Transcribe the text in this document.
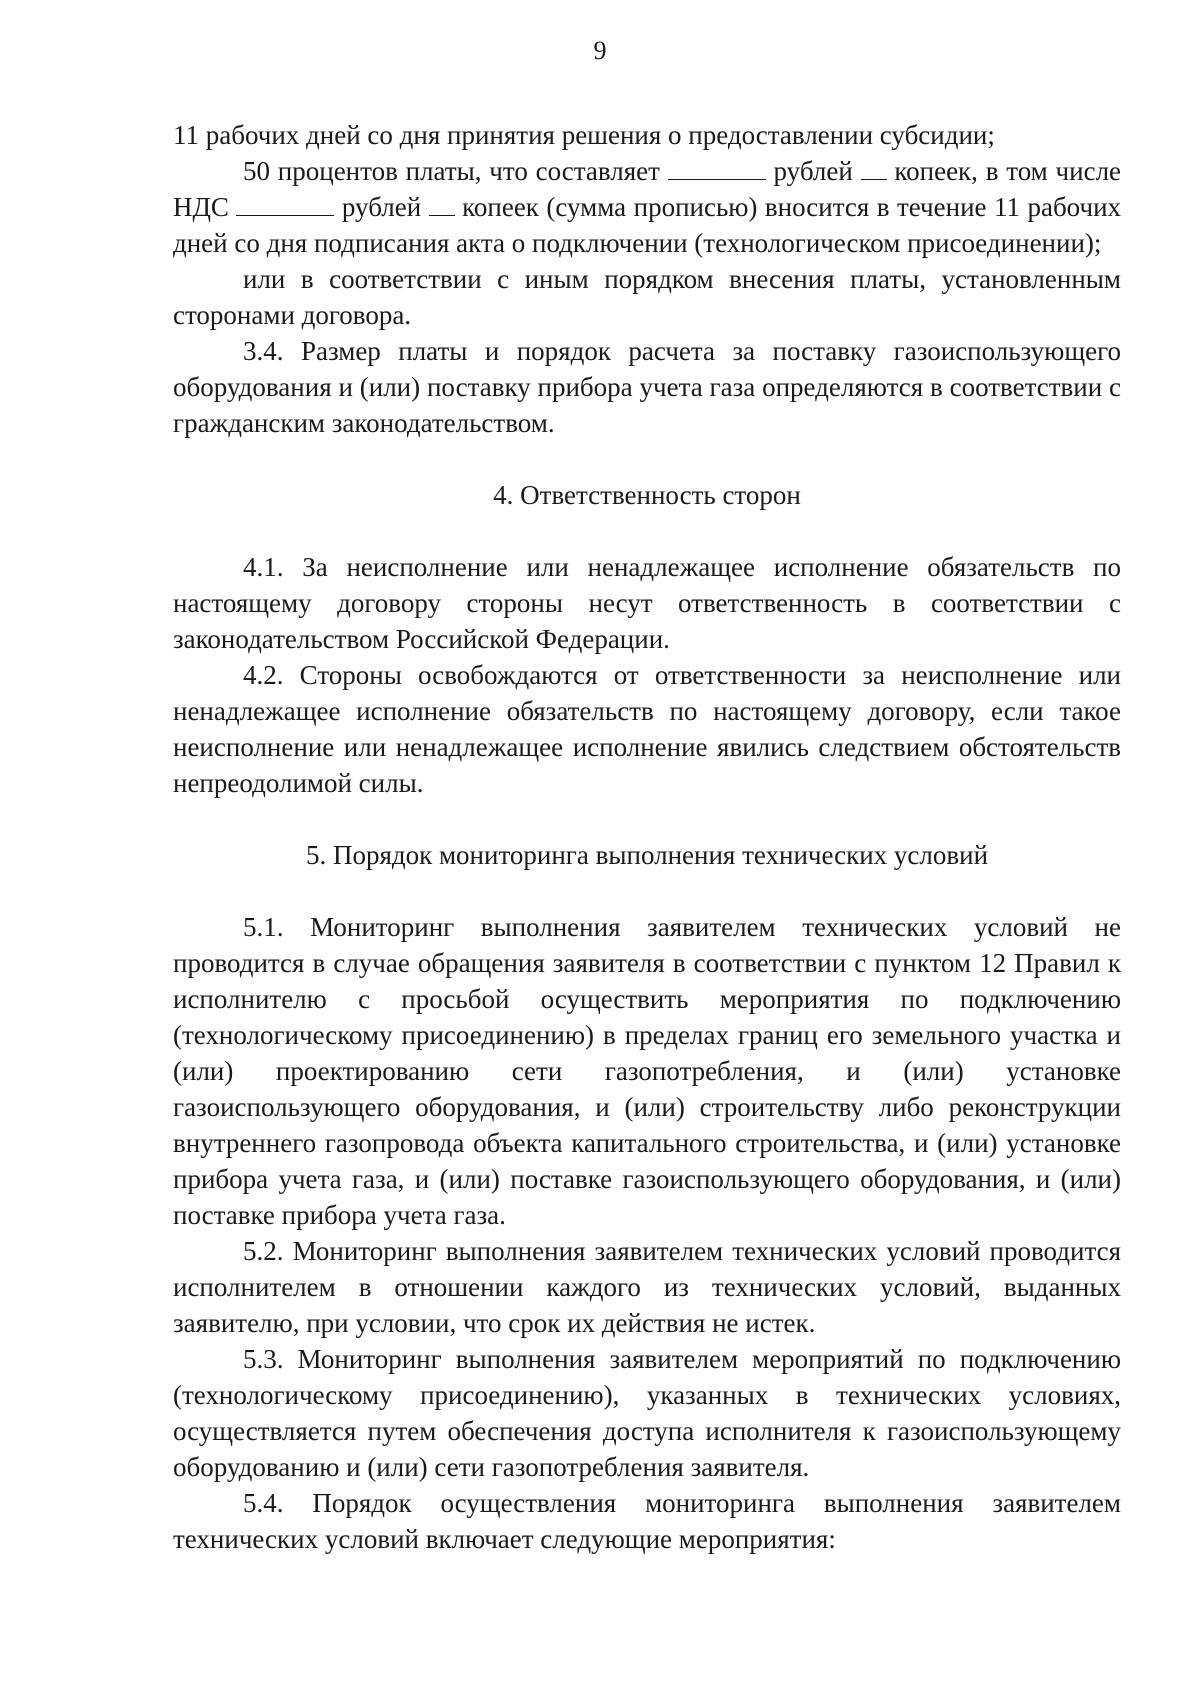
9

11 рабочих дней со дня принятия решения о предоставлении субсидии;

50 процентов платы, что составляет	рублей копеек, в том числе НДС	рублей копеек (сумма прописью) вносится в течение 11 рабочих дней со дня подписания акта о подключении (технологическом присоединении);

или в соответствии с иным порядком внесения платы, установленным сторонами договора.

3.4. Размер платы и порядок расчета за поставку газоиспользующего оборудования и (или) поставку прибора учета газа определяются в соответствии с гражданским законодательством.

4. Ответственность сторон

4.1. За неисполнение или ненадлежащее исполнение обязательств по настоящему договору стороны несут ответственность в соответствии с законодательством Российской Федерации.

4.2. Стороны освобождаются от ответственности за неисполнение или ненадлежащее исполнение обязательств по настоящему договору, если такое неисполнение или ненадлежащее исполнение явились следствием обстоятельств непреодолимой силы.

5. Порядок мониторинга выполнения технических условий

5.1. Мониторинг выполнения заявителем технических условий не проводится в случае обращения заявителя в соответствии с пунктом 12 Правил к исполнителю с просьбой осуществить мероприятия по подключению (технологическому присоединению) в пределах границ его земельного участка и (или) проектированию сети газопотребления, и (или) установке газоиспользующего оборудования, и (или) строительству либо реконструкции внутреннего газопровода объекта капитального строительства, и (или) установке прибора учета газа, и (или) поставке газоиспользующего оборудования, и (или) поставке прибора учета газа.

5.2. Мониторинг выполнения заявителем технических условий проводится исполнителем в отношении каждого из технических условий, выданных заявителю, при условии, что срок их действия не истек.

5.3. Мониторинг выполнения заявителем мероприятий по подключению (технологическому присоединению), указанных в технических условиях, осуществляется путем обеспечения доступа исполнителя к газоиспользующему оборудованию и (или) сети газопотребления заявителя.

5.4. Порядок осуществления мониторинга выполнения заявителем технических условий включает следующие мероприятия:
